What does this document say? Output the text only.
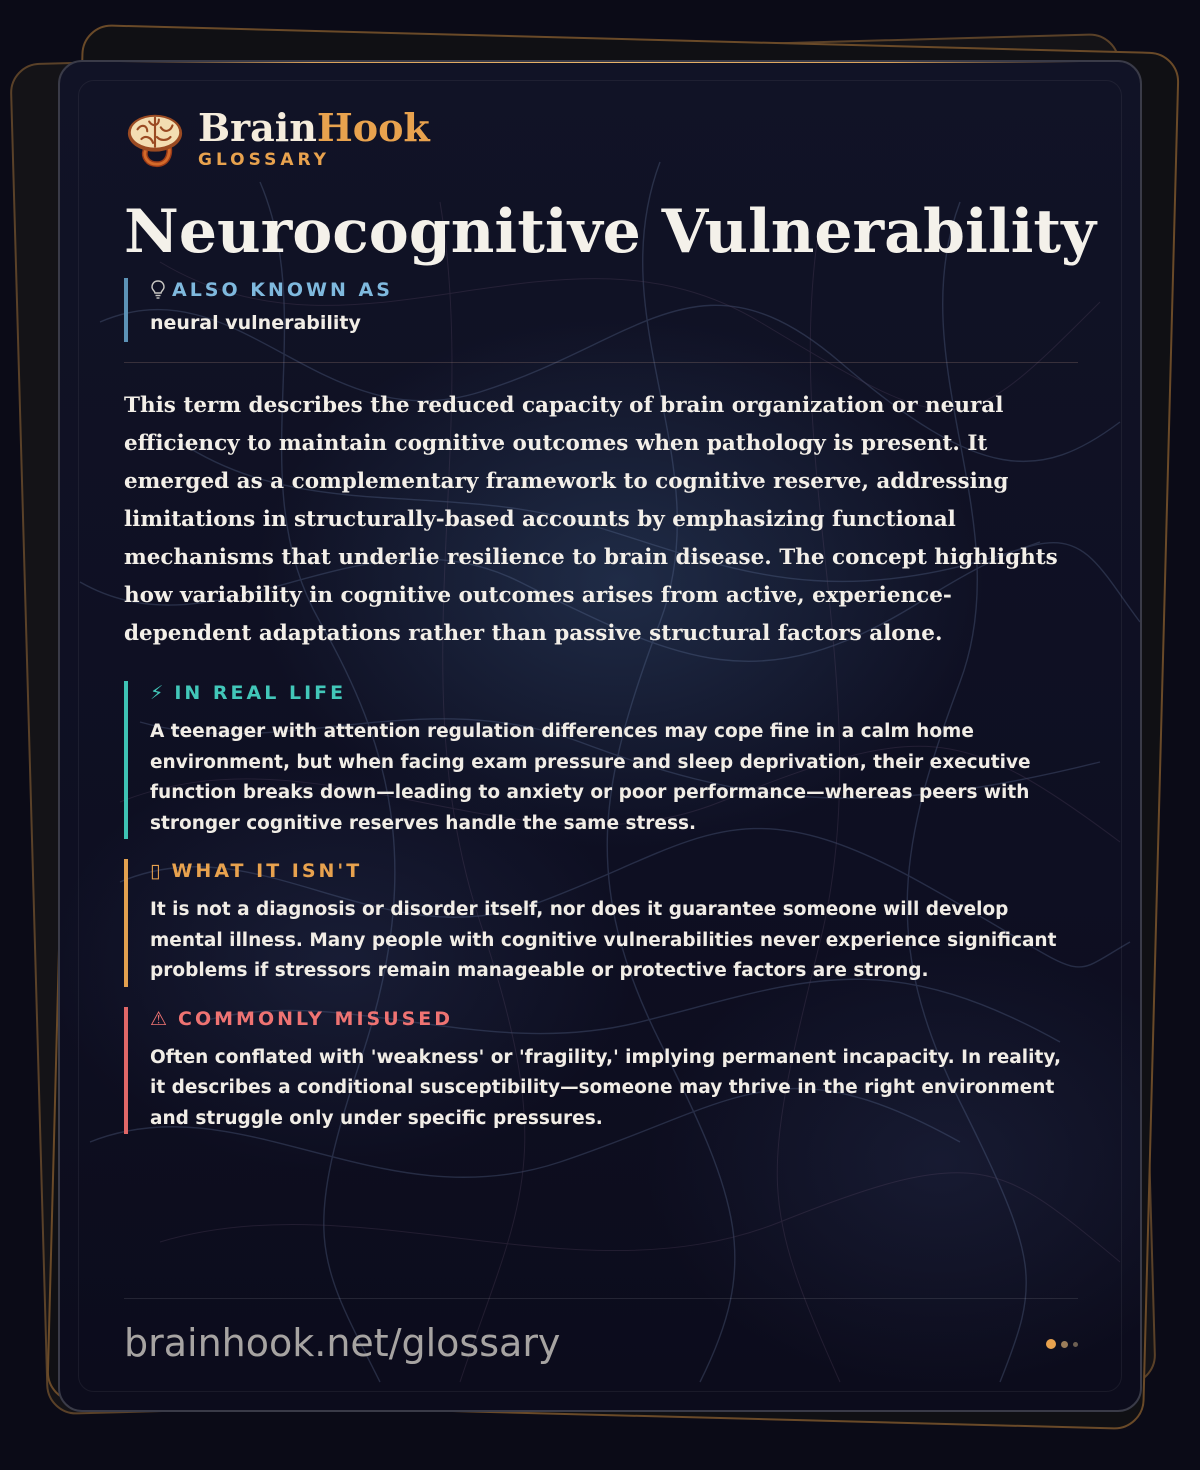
BrainHook
GLOSSARY
Neurocognitive Vulnerability
ALSO KNOWN AS
neural vulnerability
This term describes the reduced capacity of brain organization or neural efficiency to maintain cognitive outcomes when pathology is present. It emerged as a complementary framework to cognitive reserve, addressing limitations in structurally-based accounts by emphasizing functional mechanisms that underlie resilience to brain disease. The concept highlights how variability in cognitive outcomes arises from active, experience-dependent adaptations rather than passive structural factors alone.
⚡ IN REAL LIFE
A teenager with attention regulation differences may cope fine in a calm home environment, but when facing exam pressure and sleep deprivation, their executive function breaks down—leading to anxiety or poor performance—whereas peers with stronger cognitive reserves handle the same stress.
▯ WHAT IT ISN'T
It is not a diagnosis or disorder itself, nor does it guarantee someone will develop mental illness. Many people with cognitive vulnerabilities never experience significant problems if stressors remain manageable or protective factors are strong.
⚠ COMMONLY MISUSED
Often conflated with 'weakness' or 'fragility,' implying permanent incapacity. In reality, it describes a conditional susceptibility—someone may thrive in the right environment and struggle only under specific pressures.
brainhook.net/glossary
